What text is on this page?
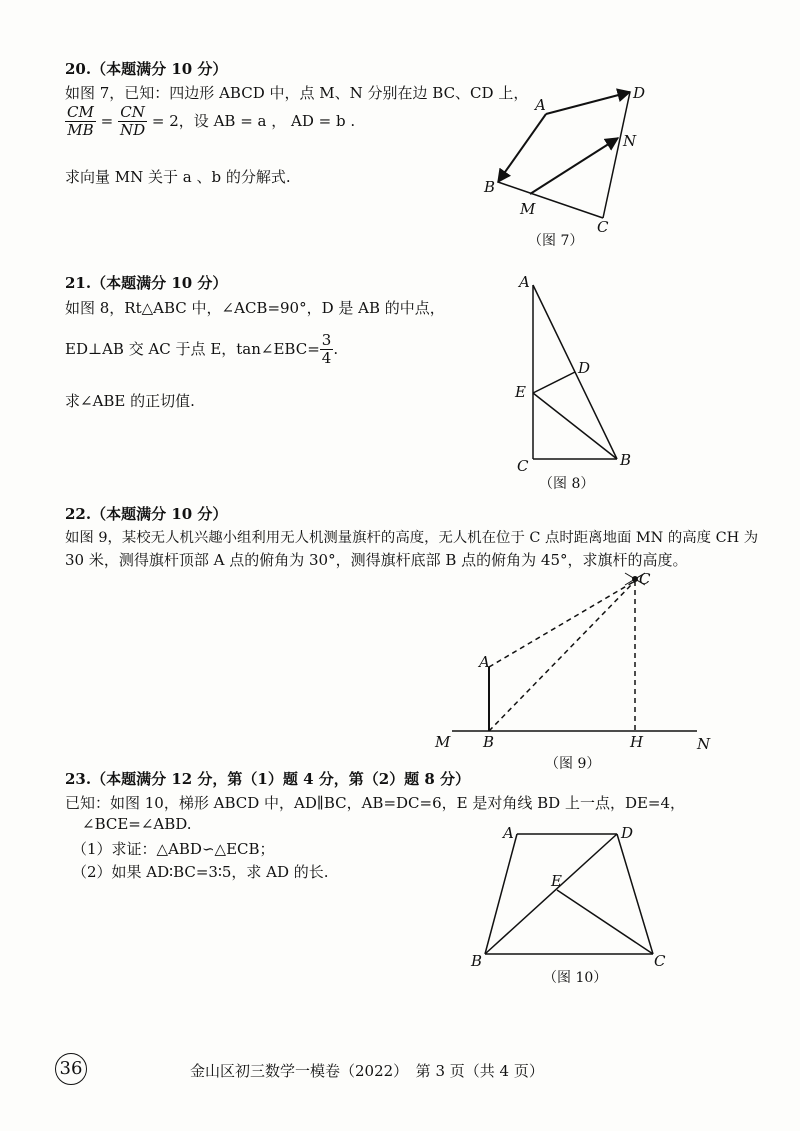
20.（本题满分 10 分）
如图 7，已知：四边形 ABCD 中，点 M、N 分别在边 BC、CD 上，
$\frac{CM}{MB} = \frac{CN}{ND} = 2$，设 AB = a ， AD = b .
求向量 MN 关于 a 、b 的分解式.
A
D
N
B
M
C
（图 7）
21.（本题满分 10 分）
如图 8，Rt△ABC 中，∠ACB=90°，D 是 AB 的中点，
ED⊥AB 交 AC 于点 E，tan∠EBC= $\frac{3}{4}$ .
求∠ABE 的正切值.
A
D
E
C	B
（图 8）
22.（本题满分 10 分）
如图 9，某校无人机兴趣小组利用无人机测量旗杆的高度，无人机在位于 C 点时距离地面 MN 的高度 CH 为
30 米，测得旗杆顶部 A 点的俯角为 30°，测得旗杆底部 B 点的俯角为 45°，求旗杆的高度。
C
A
M B	H	N
（图 9）
23.（本题满分 12 分，第（1）题 4 分，第（2）题 8 分）
已知：如图 10，梯形 ABCD 中，AD∥BC，AB=DC=6，E 是对角线 BD 上一点，DE=4，
∠BCE=∠ABD.
（1）求证：△ABD∽△ECB；
（2）如果 AD∶BC=3∶5，求 AD 的长.
A	D
E
B	C
（图 10）
36	金山区初三数学一模卷（2022）　第 3 页（共 4 页）
